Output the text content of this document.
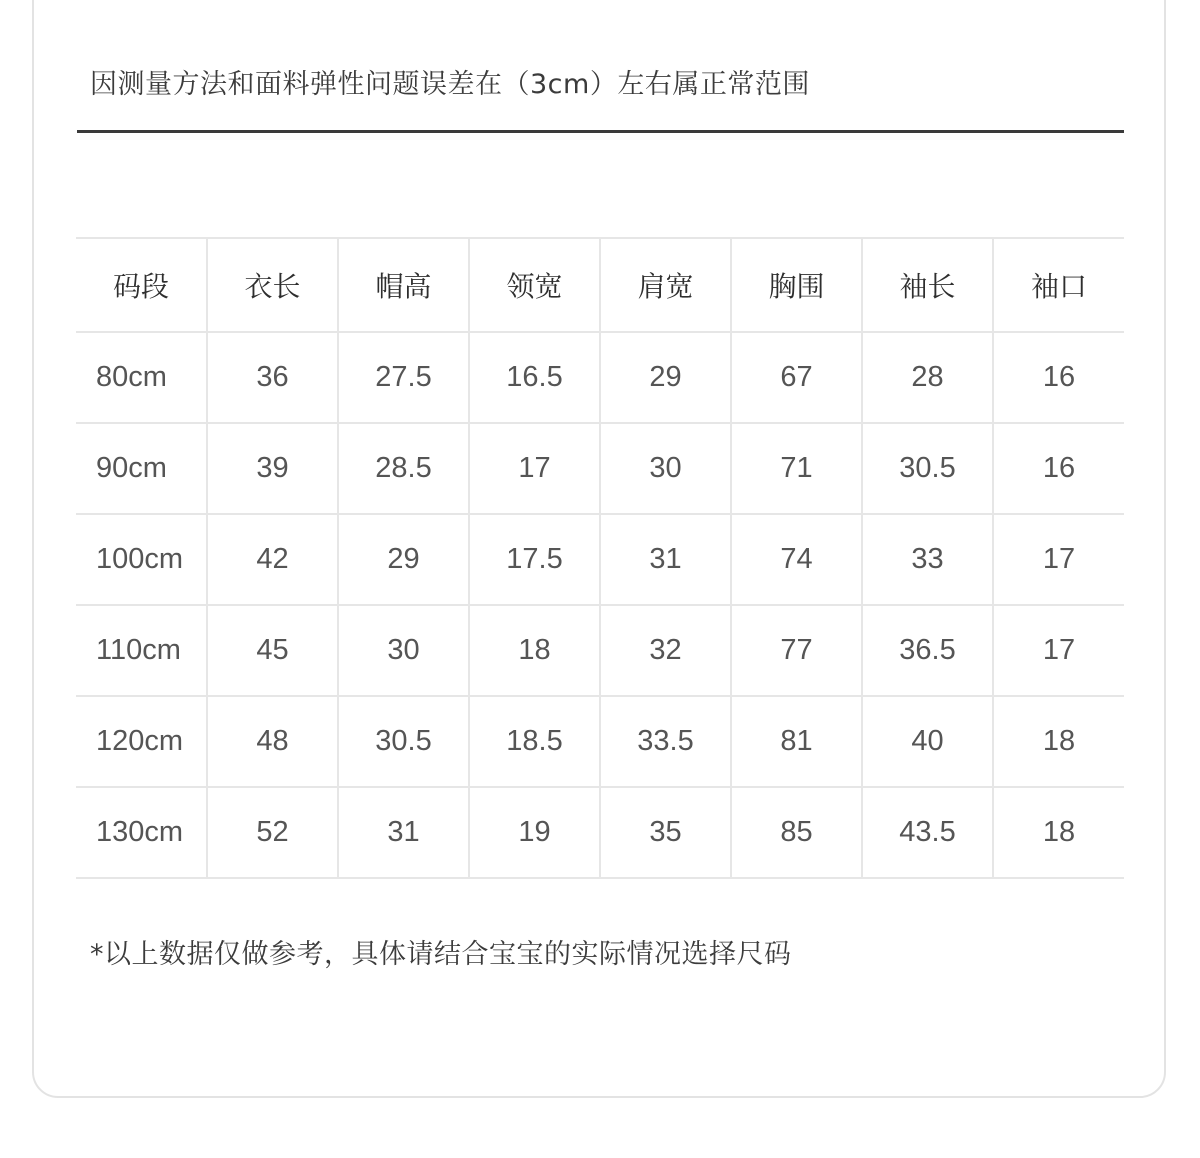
因测量方法和面料弹性问题误差在（3cm）左右属正常范围
码段	衣长	帽高	领宽	肩宽	胸围	袖长	袖口
80cm	36	27.5	16.5	29	67	28	16
90cm	39	28.5	17	30	71	30.5	16
100cm	42	29	17.5	31	74	33	17
110cm	45	30	18	32	77	36.5	17
120cm	48	30.5	18.5	33.5	81	40	18
130cm	52	31	19	35	85	43.5	18
*以上数据仅做参考，具体请结合宝宝的实际情况选择尺码
